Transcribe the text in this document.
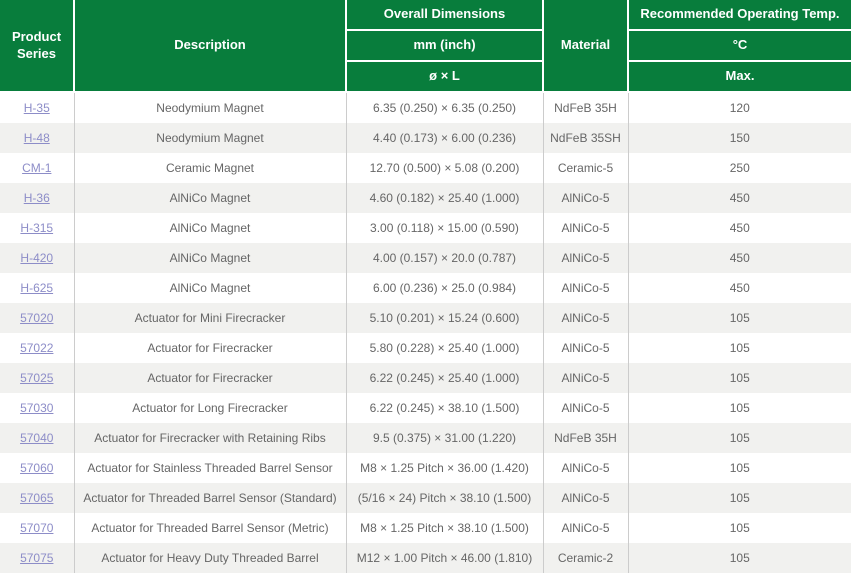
Product Series	Description	Overall Dimensions	Material	Recommended Operating Temp.
		mm (inch)		°C
		ø × L		Max.
H-35	Neodymium Magnet	6.35 (0.250) × 6.35 (0.250)	NdFeB 35H	120
H-48	Neodymium Magnet	4.40 (0.173) × 6.00 (0.236)	NdFeB 35SH	150
CM-1	Ceramic Magnet	12.70 (0.500) × 5.08 (0.200)	Ceramic-5	250
H-36	AlNiCo Magnet	4.60 (0.182) × 25.40 (1.000)	AlNiCo-5	450
H-315	AlNiCo Magnet	3.00 (0.118) × 15.00 (0.590)	AlNiCo-5	450
H-420	AlNiCo Magnet	4.00 (0.157) × 20.0 (0.787)	AlNiCo-5	450
H-625	AlNiCo Magnet	6.00 (0.236) × 25.0 (0.984)	AlNiCo-5	450
57020	Actuator for Mini Firecracker	5.10 (0.201) × 15.24 (0.600)	AlNiCo-5	105
57022	Actuator for Firecracker	5.80 (0.228) × 25.40 (1.000)	AlNiCo-5	105
57025	Actuator for Firecracker	6.22 (0.245) × 25.40 (1.000)	AlNiCo-5	105
57030	Actuator for Long Firecracker	6.22 (0.245) × 38.10 (1.500)	AlNiCo-5	105
57040	Actuator for Firecracker with Retaining Ribs	9.5 (0.375) × 31.00 (1.220)	NdFeB 35H	105
57060	Actuator for Stainless Threaded Barrel Sensor	M8 × 1.25 Pitch × 36.00 (1.420)	AlNiCo-5	105
57065	Actuator for Threaded Barrel Sensor (Standard)	(5/16 × 24) Pitch × 38.10 (1.500)	AlNiCo-5	105
57070	Actuator for Threaded Barrel Sensor (Metric)	M8 × 1.25 Pitch × 38.10 (1.500)	AlNiCo-5	105
57075	Actuator for Heavy Duty Threaded Barrel	M12 × 1.00 Pitch × 46.00 (1.810)	Ceramic-2	105
